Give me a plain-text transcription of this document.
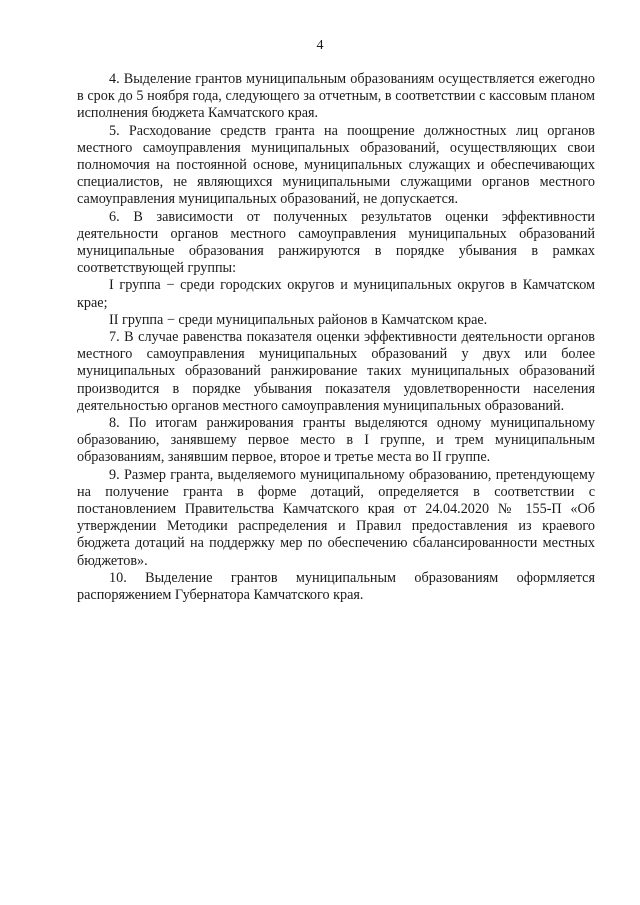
4

4. Выделение грантов муниципальным образованиям осуществляется ежегодно в срок до 5 ноября года, следующего за отчетным, в соответствии с кассовым планом исполнения бюджета Камчатского края.

5. Расходование средств гранта на поощрение должностных лиц органов местного самоуправления муниципальных образований, осуществляющих свои полномочия на постоянной основе, муниципальных служащих и обеспечивающих специалистов, не являющихся муниципальными служащими органов местного самоуправления муниципальных образований, не допускается.

6. В зависимости от полученных результатов оценки эффективности деятельности органов местного самоуправления муниципальных образований муниципальные образования ранжируются в порядке убывания в рамках соответствующей группы:

I группа − среди городских округов и муниципальных округов в Камчатском крае;

II группа − среди муниципальных районов в Камчатском крае.

7. В случае равенства показателя оценки эффективности деятельности органов местного самоуправления муниципальных образований у двух или более муниципальных образований ранжирование таких муниципальных образований производится в порядке убывания показателя удовлетворенности населения деятельностью органов местного самоуправления муниципальных образований.

8. По итогам ранжирования гранты выделяются одному муниципальному образованию, занявшему первое место в I группе, и трем муниципальным образованиям, занявшим первое, второе и третье места во II группе.

9. Размер гранта, выделяемого муниципальному образованию, претендующему на получение гранта в форме дотаций, определяется в соответствии с постановлением Правительства Камчатского края от 24.04.2020 № 155-П «Об утверждении Методики распределения и Правил предоставления из краевого бюджета дотаций на поддержку мер по обеспечению сбалансированности местных бюджетов».

10. Выделение грантов муниципальным образованиям оформляется распоряжением Губернатора Камчатского края.
